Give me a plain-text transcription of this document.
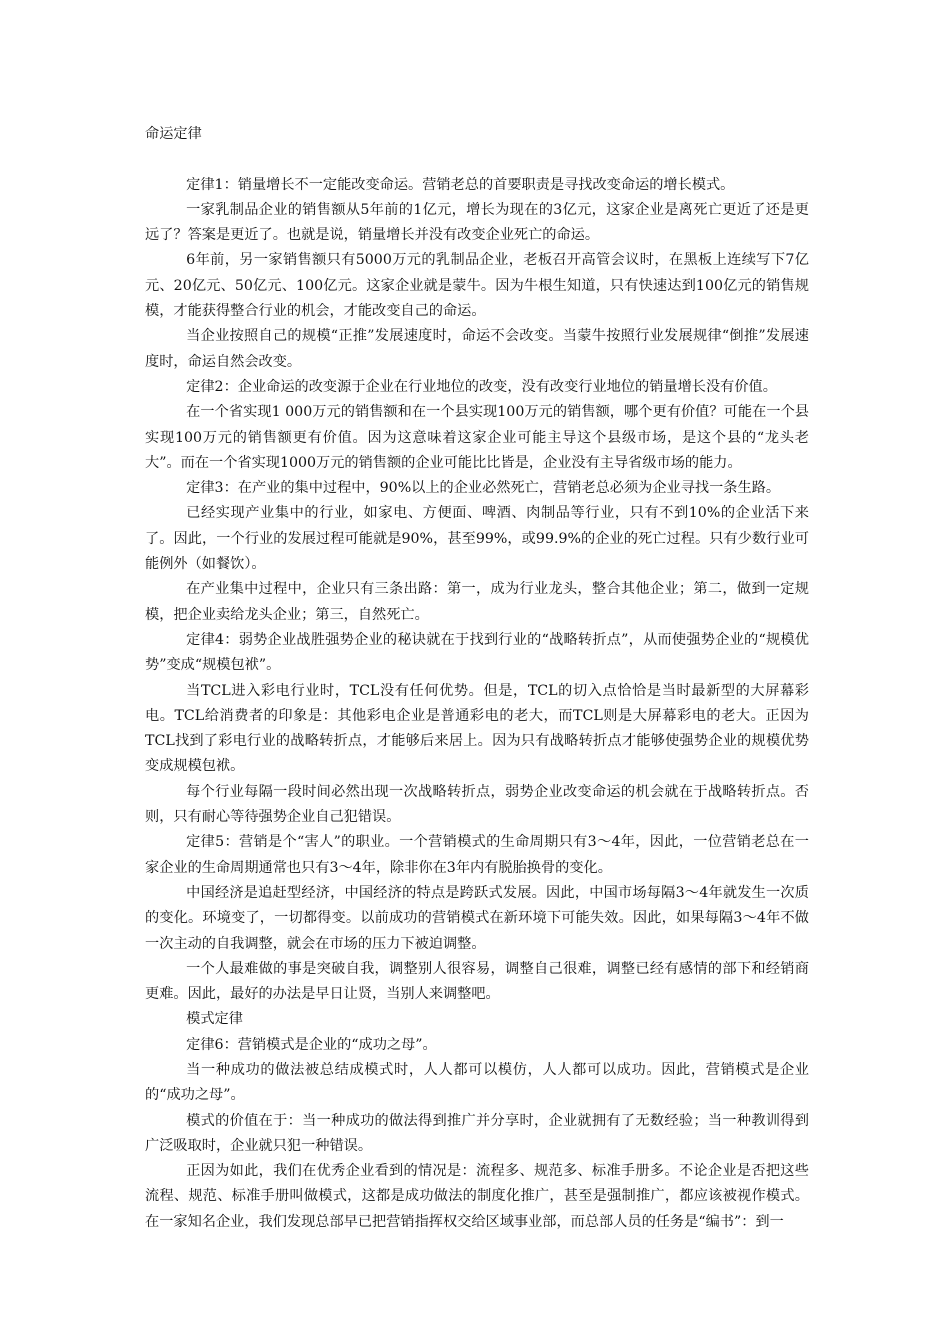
命运定律

定律1：销量增长不一定能改变命运。营销老总的首要职责是寻找改变命运的增长模式。

一家乳制品企业的销售额从5年前的1亿元，增长为现在的3亿元，这家企业是离死亡更近了还是更远了？答案是更近了。也就是说，销量增长并没有改变企业死亡的命运。

6年前，另一家销售额只有5000万元的乳制品企业，老板召开高管会议时，在黑板上连续写下7亿元、20亿元、50亿元、100亿元。这家企业就是蒙牛。因为牛根生知道，只有快速达到100亿元的销售规模，才能获得整合行业的机会，才能改变自己的命运。

当企业按照自己的规模“正推”发展速度时，命运不会改变。当蒙牛按照行业发展规律“倒推”发展速度时，命运自然会改变。

定律2：企业命运的改变源于企业在行业地位的改变，没有改变行业地位的销量增长没有价值。

在一个省实现1 000万元的销售额和在一个县实现100万元的销售额，哪个更有价值？可能在一个县实现100万元的销售额更有价值。因为这意味着这家企业可能主导这个县级市场，是这个县的“龙头老大”。而在一个省实现1000万元的销售额的企业可能比比皆是，企业没有主导省级市场的能力。

定律3：在产业的集中过程中，90%以上的企业必然死亡，营销老总必须为企业寻找一条生路。

已经实现产业集中的行业，如家电、方便面、啤酒、肉制品等行业，只有不到10%的企业活下来了。因此，一个行业的发展过程可能就是90%，甚至99%，或99.9%的企业的死亡过程。只有少数行业可能例外（如餐饮）。

在产业集中过程中，企业只有三条出路：第一，成为行业龙头，整合其他企业；第二，做到一定规模，把企业卖给龙头企业；第三，自然死亡。

定律4：弱势企业战胜强势企业的秘诀就在于找到行业的“战略转折点”，从而使强势企业的“规模优势”变成“规模包袱”。

当TCL进入彩电行业时，TCL没有任何优势。但是，TCL的切入点恰恰是当时最新型的大屏幕彩电。TCL给消费者的印象是：其他彩电企业是普通彩电的老大，而TCL则是大屏幕彩电的老大。正因为TCL找到了彩电行业的战略转折点，才能够后来居上。因为只有战略转折点才能够使强势企业的规模优势变成规模包袱。

每个行业每隔一段时间必然出现一次战略转折点，弱势企业改变命运的机会就在于战略转折点。否则，只有耐心等待强势企业自己犯错误。

定律5：营销是个“害人”的职业。一个营销模式的生命周期只有3～4年，因此，一位营销老总在一家企业的生命周期通常也只有3～4年，除非你在3年内有脱胎换骨的变化。

中国经济是追赶型经济，中国经济的特点是跨跃式发展。因此，中国市场每隔3～4年就发生一次质的变化。环境变了，一切都得变。以前成功的营销模式在新环境下可能失效。因此，如果每隔3～4年不做一次主动的自我调整，就会在市场的压力下被迫调整。

一个人最难做的事是突破自我，调整别人很容易，调整自己很难，调整已经有感情的部下和经销商更难。因此，最好的办法是早日让贤，当别人来调整吧。

模式定律

定律6：营销模式是企业的“成功之母”。

当一种成功的做法被总结成模式时，人人都可以模仿，人人都可以成功。因此，营销模式是企业的“成功之母”。

模式的价值在于：当一种成功的做法得到推广并分享时，企业就拥有了无数经验；当一种教训得到广泛吸取时，企业就只犯一种错误。

正因为如此，我们在优秀企业看到的情况是：流程多、规范多、标准手册多。不论企业是否把这些流程、规范、标准手册叫做模式，这都是成功做法的制度化推广，甚至是强制推广，都应该被视作模式。在一家知名企业，我们发现总部早已把营销指挥权交给区域事业部，而总部人员的任务是“编书”：到一
